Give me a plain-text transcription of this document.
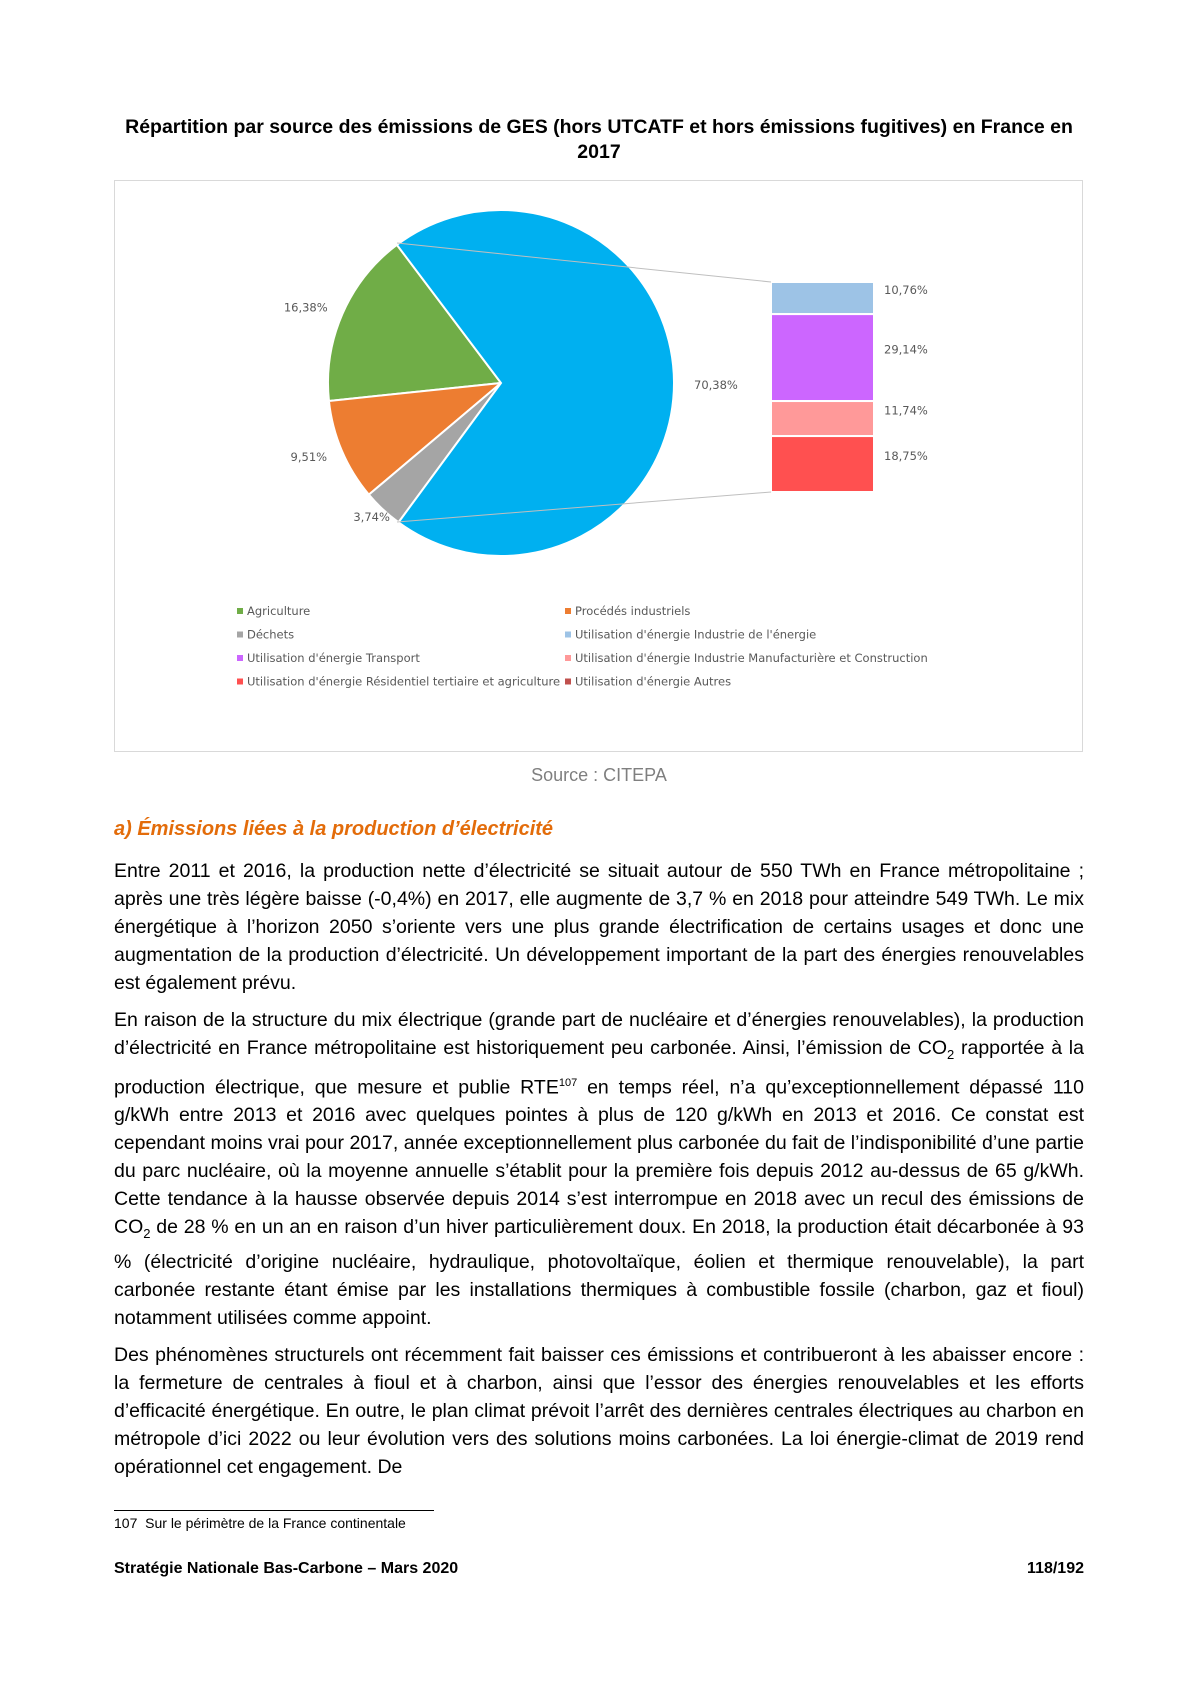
Répartition par source des émissions de GES (hors UTCATF et hors émissions fugitives) en France en 2017
16,38%
9,51%
3,74%
70,38%
10,76%
29,14%
11,74%
18,75%
Agriculture	Procédés industriels
Déchets	Utilisation d'énergie Industrie de l'énergie
Utilisation d'énergie Transport	Utilisation d'énergie Industrie Manufacturière et Construction
Utilisation d'énergie Résidentiel tertiaire et agriculture Utilisation d'énergie Autres
Source : CITEPA
a) Émissions liées à la production d’électricité

Entre 2011 et 2016, la production nette d’électricité se situait autour de 550 TWh en France métropolitaine ; après une très légère baisse (-0,4%) en 2017, elle augmente de 3,7 % en 2018 pour atteindre 549 TWh. Le mix énergétique à l’horizon 2050 s’oriente vers une plus grande électrification de certains usages et donc une augmentation de la production d’électricité. Un développement important de la part des énergies renouvelables est également prévu.

En raison de la structure du mix électrique (grande part de nucléaire et d’énergies renouvelables), la production d’électricité en France métropolitaine est historiquement peu carbonée. Ainsi, l’émission de $CO_2$ rapportée à la production électrique, que mesure et publie RTE$^{107}$ en temps réel, n’a qu’exceptionnellement dépassé 110 g/kWh entre 2013 et 2016 avec quelques pointes à plus de 120 g/kWh en 2013 et 2016. Ce constat est cependant moins vrai pour 2017, année exceptionnellement plus carbonée du fait de l’indisponibilité d’une partie du parc nucléaire, où la moyenne annuelle s’établit pour la première fois depuis 2012 au-dessus de 65 g/kWh. Cette tendance à la hausse observée depuis 2014 s’est interrompue en 2018 avec un recul des émissions de $CO_2$ de 28 % en un an en raison d’un hiver particulièrement doux. En 2018, la production était décarbonée à 93 % (électricité d’origine nucléaire, hydraulique, photovoltaïque, éolien et thermique renouvelable), la part carbonée restante étant émise par les installations thermiques à combustible fossile (charbon, gaz et fioul) notamment utilisées comme appoint.

Des phénomènes structurels ont récemment fait baisser ces émissions et contribueront à les abaisser encore : la fermeture de centrales à fioul et à charbon, ainsi que l’essor des énergies renouvelables et les efforts d’efficacité énergétique. En outre, le plan climat prévoit l’arrêt des dernières centrales électriques au charbon en métropole d’ici 2022 ou leur évolution vers des solutions moins carbonées. La loi énergie-climat de 2019 rend opérationnel cet engagement. De

107 Sur le périmètre de la France continentale
Stratégie Nationale Bas-Carbone – Mars 2020	118/192
